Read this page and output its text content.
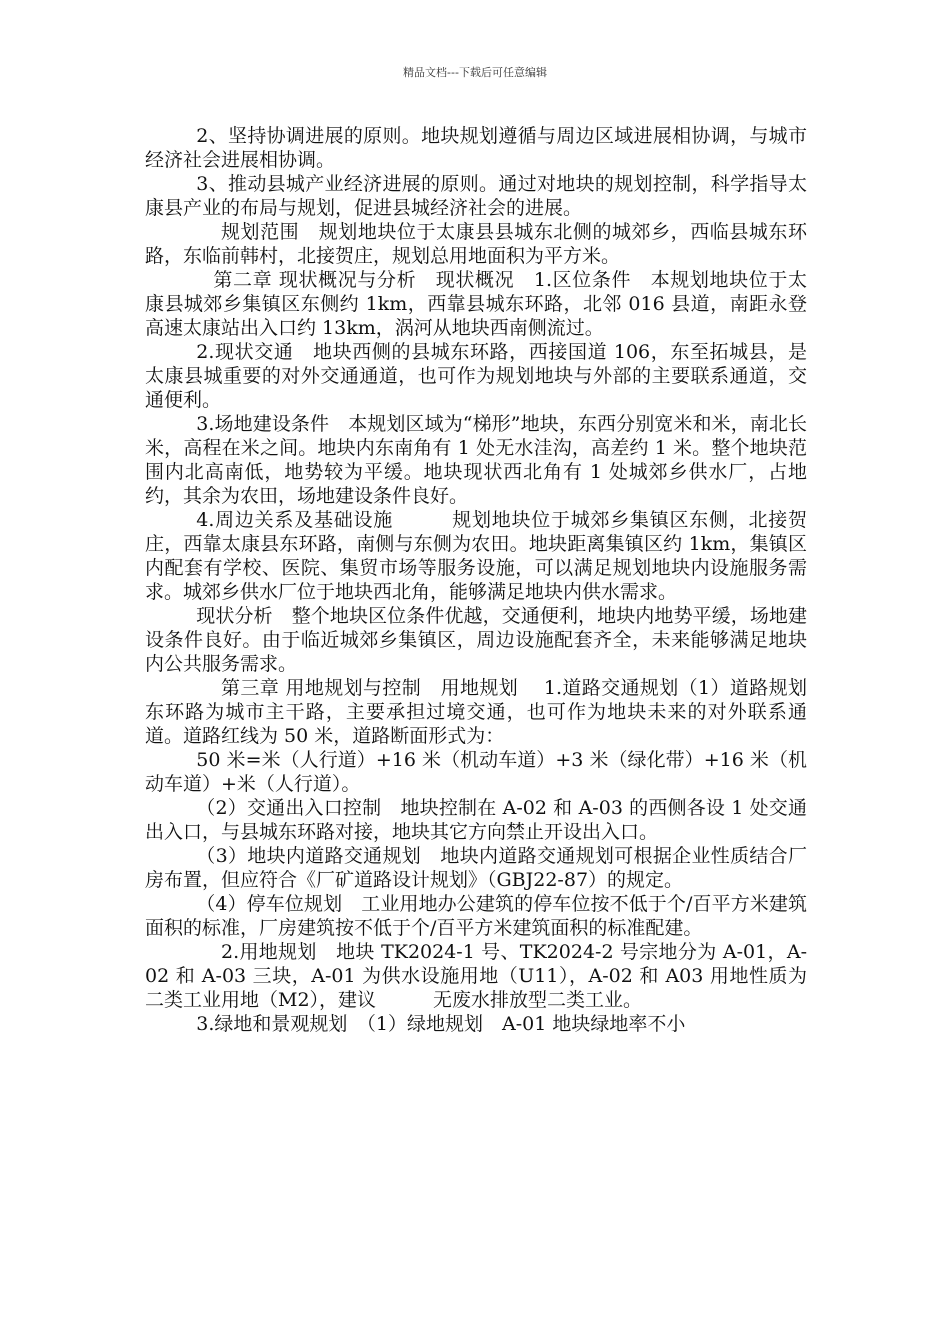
精品文档---下载后可任意编辑

2、坚持协调进展的原则。地块规划遵循与周边区域进展相协调，与城市经济社会进展相协调。

3、推动县城产业经济进展的原则。通过对地块的规划控制，科学指导太康县产业的布局与规划，促进县城经济社会的进展。

规划范围　规划地块位于太康县县城东北侧的城郊乡，西临县城东环路，东临前韩村，北接贺庄，规划总用地面积为平方米。

第二章 现状概况与分析　现状概况　1.区位条件　本规划地块位于太康县城郊乡集镇区东侧约 1km，西靠县城东环路，北邻 016 县道，南距永登高速太康站出入口约 13km，涡河从地块西南侧流过。

2.现状交通　地块西侧的县城东环路，西接国道 106，东至拓城县，是太康县城重要的对外交通通道，也可作为规划地块与外部的主要联系通道，交通便利。

3.场地建设条件　本规划区域为“梯形”地块，东西分别宽米和米，南北长米，高程在米之间。地块内东南角有 1 处无水洼沟，高差约 1 米。整个地块范围内北高南低，地势较为平缓。地块现状西北角有 1 处城郊乡供水厂，占地约，其余为农田，场地建设条件良好。

4.周边关系及基础设施　　　规划地块位于城郊乡集镇区东侧，北接贺庄，西靠太康县东环路，南侧与东侧为农田。地块距离集镇区约 1km，集镇区内配套有学校、医院、集贸市场等服务设施，可以满足规划地块内设施服务需求。城郊乡供水厂位于地块西北角，能够满足地块内供水需求。

现状分析　整个地块区位条件优越，交通便利，地块内地势平缓，场地建设条件良好。由于临近城郊乡集镇区，周边设施配套齐全，未来能够满足地块内公共服务需求。

第三章 用地规划与控制　用地规划　 1.道路交通规划（1）道路规划　东环路为城市主干路，主要承担过境交通，也可作为地块未来的对外联系通道。道路红线为 50 米，道路断面形式为：

50 米=米（人行道）+16 米（机动车道）+3 米（绿化带）+16 米（机动车道）+米（人行道）。

（2）交通出入口控制　地块控制在 A-02 和 A-03 的西侧各设 1 处交通出入口，与县城东环路对接，地块其它方向禁止开设出入口。

（3）地块内道路交通规划　地块内道路交通规划可根据企业性质结合厂房布置，但应符合《厂矿道路设计规划》（GBJ22-87）的规定。

（4）停车位规划　工业用地办公建筑的停车位按不低于个/百平方米建筑面积的标准，厂房建筑按不低于个/百平方米建筑面积的标准配建。

2.用地规划　地块 TK2024-1 号、TK2024-2 号宗地分为 A-01，A-02 和 A-03 三块，A-01 为供水设施用地（U11），A-02 和 A03 用地性质为二类工业用地（M2），建议　　　无废水排放型二类工业。

3.绿地和景观规划　（1）绿地规划　A-01 地块绿地率不小
